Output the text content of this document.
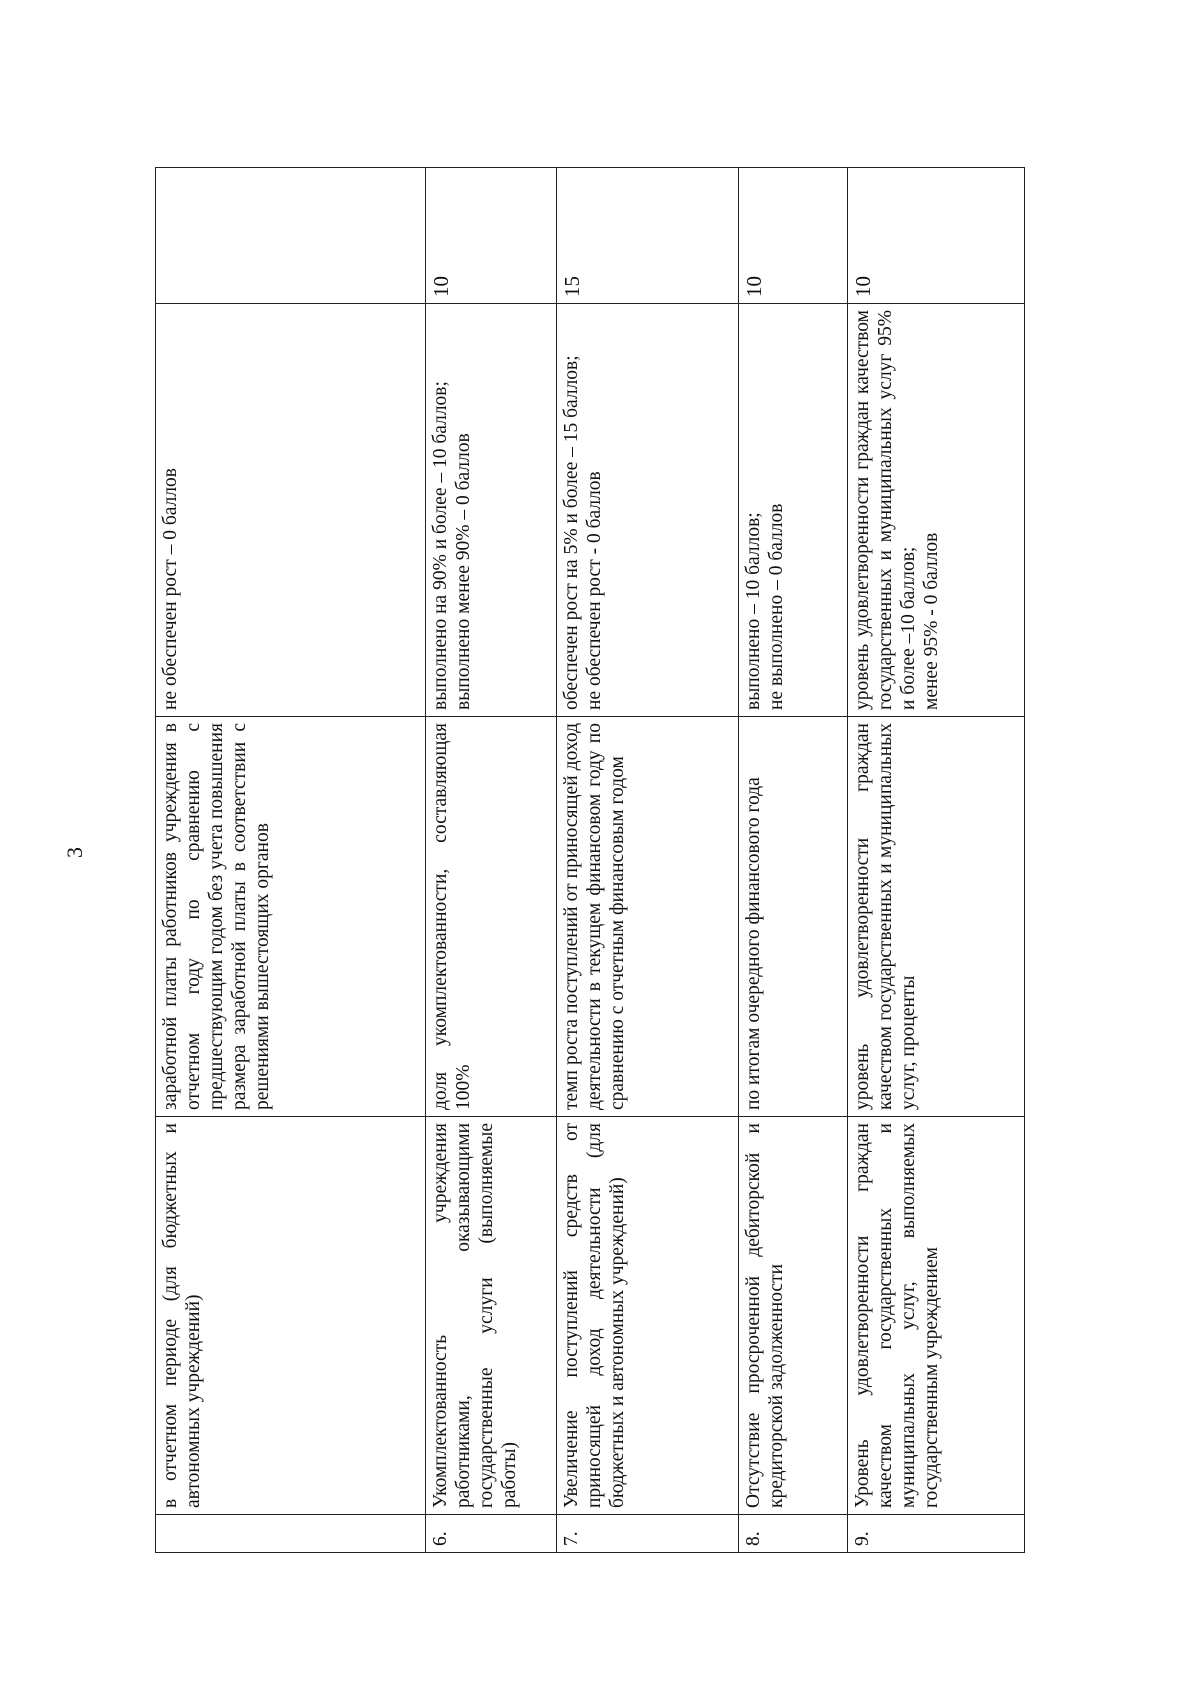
3
	в отчетном периоде (для бюджетных и автономных учреждений)	заработной платы работников учреждения в отчетном году по сравнению с предшествующим годом без учета повышения размера заработной платы в соответствии с решениями вышестоящих органов	не обеспечен рост – 0 баллов	

6.	Укомплектованность учреждения работниками, оказывающими государственные услуги (выполняемые работы)	доля укомплектованности, составляющая 100%	выполнено на 90% и более – 10 баллов; выполнено менее 90% – 0 баллов	10
7.	Увеличение поступлений средств от приносящей доход деятельности (для бюджетных и автономных учреждений)	темп роста поступлений от приносящей доход деятельности в текущем финансовом году по сравнению с отчетным финансовым годом	обеспечен рост на 5% и более – 15 баллов; не обеспечен рост - 0 баллов	15
8.	Отсутствие просроченной дебиторской и кредиторской задолженности	по итогам очередного финансового года	выполнено – 10 баллов; не выполнено – 0 баллов	10
9.	Уровень удовлетворенности граждан качеством государственных и муниципальных услуг, выполняемых государственным учреждением	уровень удовлетворенности граждан качеством государственных и муниципальных услуг, проценты	уровень удовлетворенности граждан качеством государственных и муниципальных услуг 95% и более –10 баллов; менее 95% - 0 баллов	10
